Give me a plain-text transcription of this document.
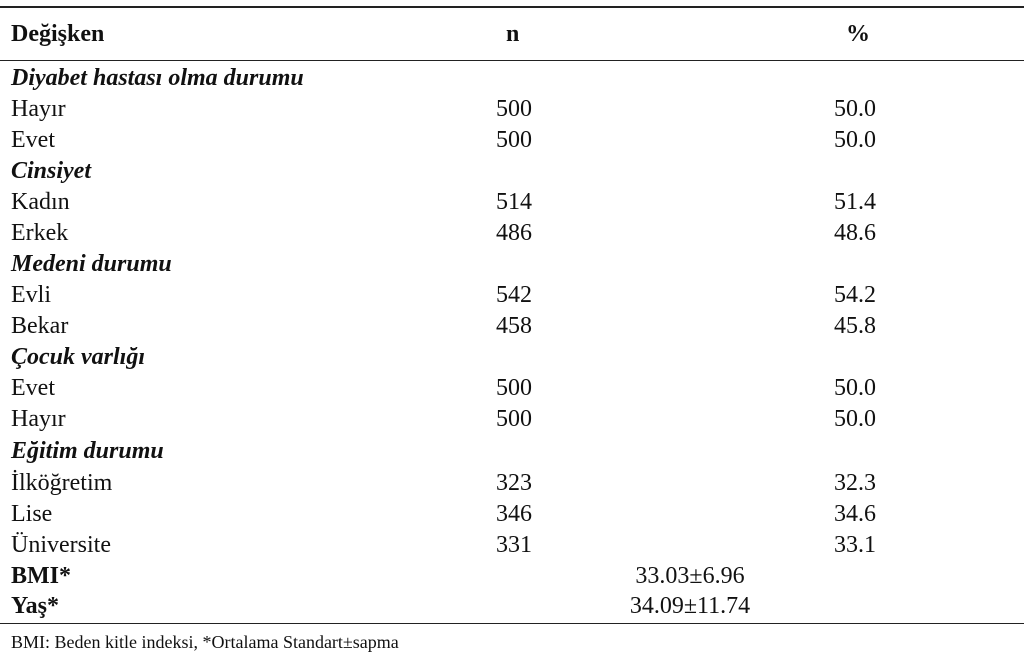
Değişken	n	%
Diyabet hastası olma durumu
Hayır	500	50.0
Evet	500	50.0
Cinsiyet
Kadın	514	51.4
Erkek	486	48.6
Medeni durumu
Evli	542	54.2
Bekar	458	45.8
Çocuk varlığı
Evet	500	50.0
Hayır	500	50.0
Eğitim durumu
İlköğretim	323	32.3
Lise	346	34.6
Üniversite	331	33.1
BMI*	33.03±6.96
Yaş*	34.09±11.74
BMI: Beden kitle indeksi, *Ortalama Standart±sapma
